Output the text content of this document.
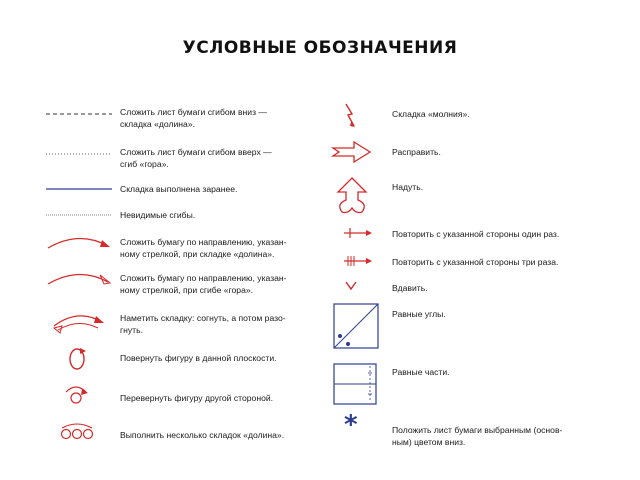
УСЛОВНЫЕ ОБОЗНАЧЕНИЯ
Сложить лист бумаги сгибом вниз —
складка «долина».
Сложить лист бумаги сгибом вверх —
сгиб «гора».
Складка выполнена заранее.
Невидимые сгибы.
Сложить бумагу по направлению, указан-
ному стрелкой, при складке «долина».
Сложить бумагу по направлению, указан-
ному стрелкой, при сгибе «гора».
Наметить складку: согнуть, а потом разо-
гнуть.
Повернуть фигуру в данной плоскости.
Перевернуть фигуру другой стороной.
Выполнить несколько складок «долина».
Складка «молния».
Расправить.
Надуть.
Повторить с указанной стороны один раз.
Повторить с указанной стороны три раза.
Вдавить.
Равные углы.
Равные части.
*	Положить лист бумаги выбранным (основ-
ным) цветом вниз.
